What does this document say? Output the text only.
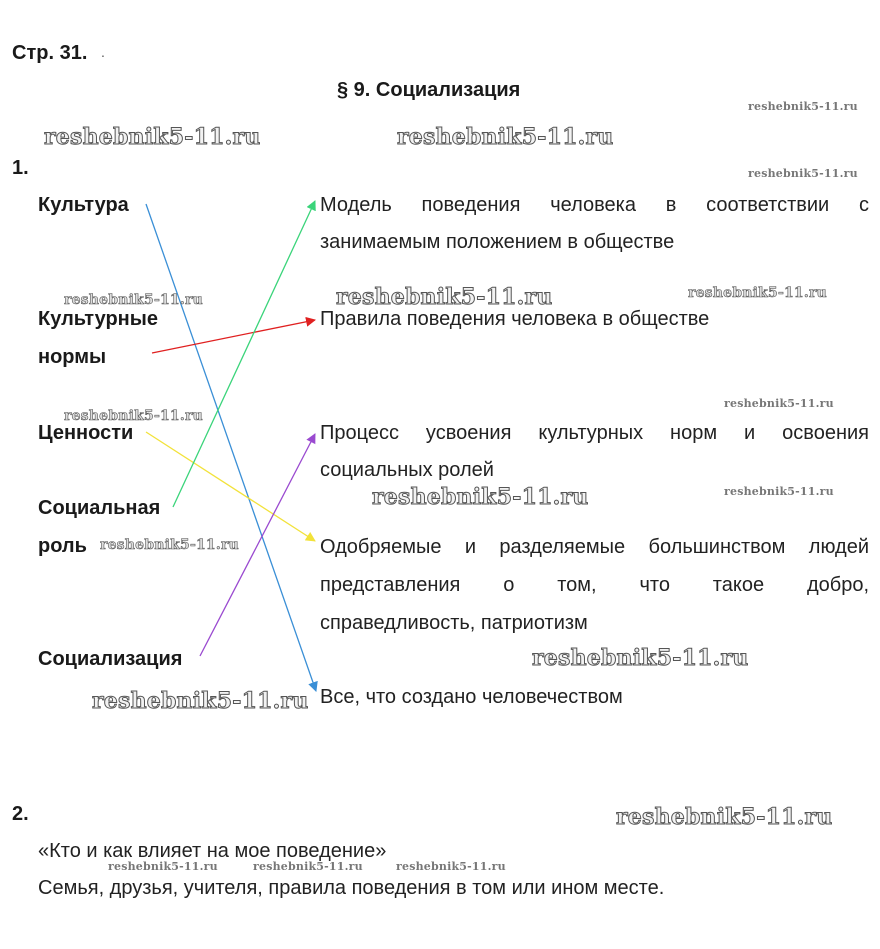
Стр. 31. .
§ 9. Социализация
1.
Культура
Культурные
нормы
Ценности
Социальная
роль
Социализация
Модель поведения человека в соответствии с
занимаемым положением в обществе
Правила поведения человека в обществе
Процесс усвоения культурных норм и освоения
социальных ролей
Одобряемые и разделяемые большинством людей
представления о том, что такое добро,
справедливость, патриотизм
Все, что создано человечеством
reshebnik5-11.ru	reshebnik5-11.ru
reshebnik5-11.ru
reshebnik5-11.ru
reshebnik5-11.ru	reshebnik5-11.ru	reshebnik5-11.ru
reshebnik5-11.ru
reshebnik5-11.ru
reshebnik5-11.ru	reshebnik5-11.ru
reshebnik5-11.ru
reshebnik5-11.ru
reshebnik5-11.ru
reshebnik5-11.ru
reshebnik5-11.ru	reshebnik5-11.ru	reshebnik5-11.ru
2.
«Кто и как влияет на мое поведение»
Семья, друзья, учителя, правила поведения в том или ином месте.
